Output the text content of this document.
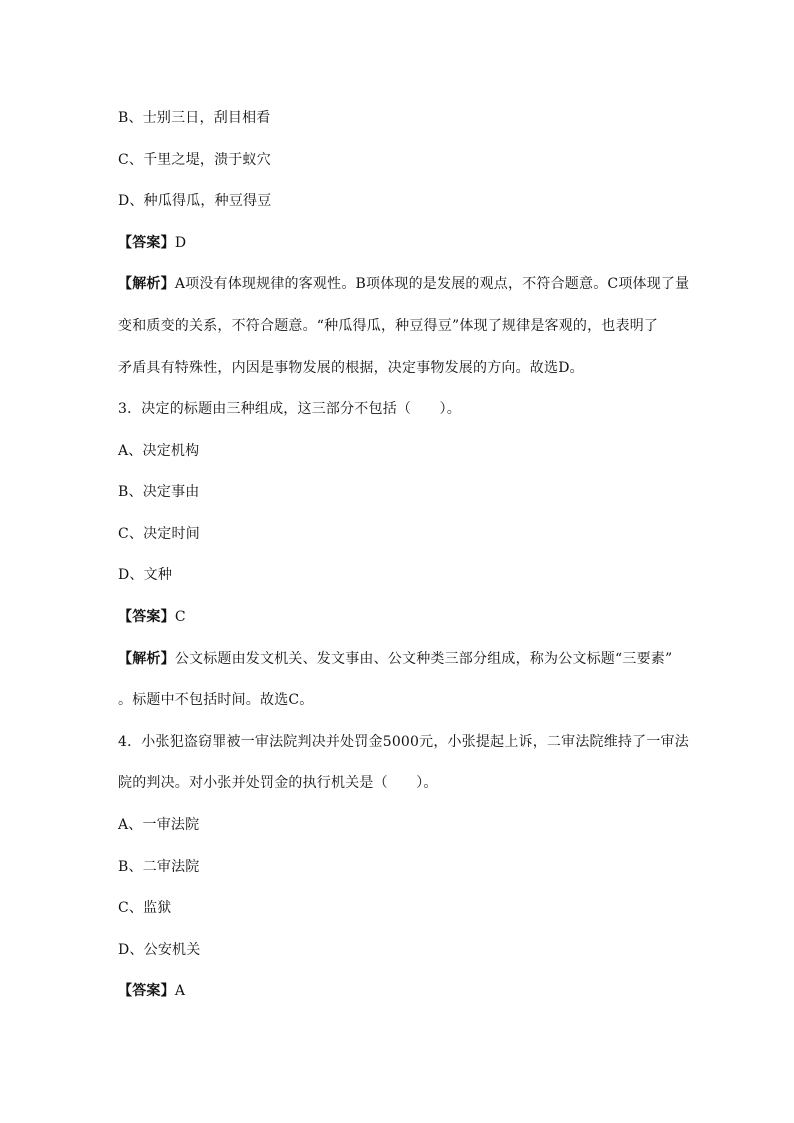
B、士别三日，刮目相看
C、千里之堤，溃于蚁穴
D、种瓜得瓜，种豆得豆
【答案】D
【解析】A项没有体现规律的客观性。B项体现的是发展的观点，不符合题意。C项体现了量
变和质变的关系，不符合题意。“种瓜得瓜，种豆得豆”体现了规律是客观的，也表明了
矛盾具有特殊性，内因是事物发展的根据，决定事物发展的方向。故选D。
3．决定的标题由三种组成，这三部分不包括（　　）。
A、决定机构
B、决定事由
C、决定时间
D、文种
【答案】C
【解析】公文标题由发文机关、发文事由、公文种类三部分组成，称为公文标题“三要素”
。标题中不包括时间。故选C。
4．小张犯盗窃罪被一审法院判决并处罚金5000元，小张提起上诉，二审法院维持了一审法
院的判决。对小张并处罚金的执行机关是（　　）。
A、一审法院
B、二审法院
C、监狱
D、公安机关
【答案】A
